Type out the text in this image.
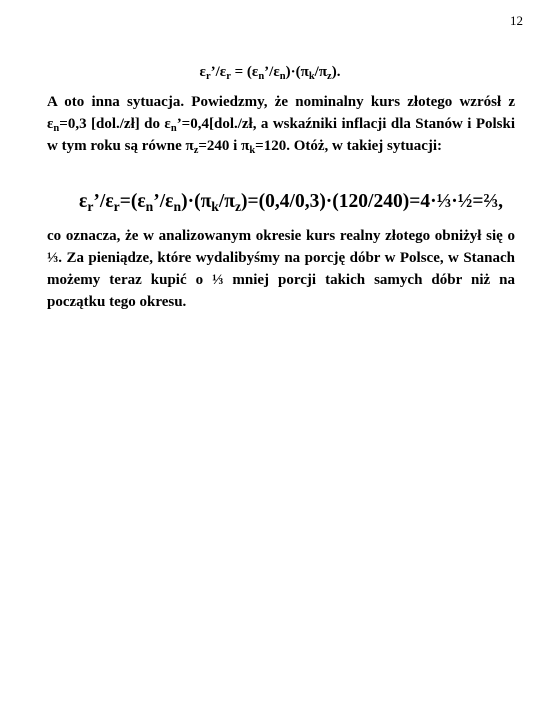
12
$\varepsilon_r’/\varepsilon_r$ = $(\varepsilon_n’/\varepsilon_n)\cdot(\pi_k/\pi_z)$.
A oto inna sytuacja. Powiedzmy, że nominalny kurs złotego wzrósł z $\varepsilon_n=0,3$ [dol./zł] do $\varepsilon_n’=0,4[dol./zł$, a wskaźniki inflacji dla Stanów i Polski w tym roku są równe $\pi_z=240$ i $\pi_k=120$. Otóż, w takiej sytuacji:
$\varepsilon_r’/\varepsilon_r=(\varepsilon_n’/\varepsilon_n)\cdot(\pi_k/\pi_z)=(0,4/0,3)\cdot(120/240)=4\cdot\frac{1}{3}\cdot\frac{1}{2}=\frac{2}{3}$,
co oznacza, że w analizowanym okresie kurs realny złotego obniżył się o ⅓. Za pieniądze, które wydalibyśmy na porcję dóbr w Polsce, w Stanach możemy teraz kupić o ⅓ mniej porcji takich samych dóbr niż na początku tego okresu.
